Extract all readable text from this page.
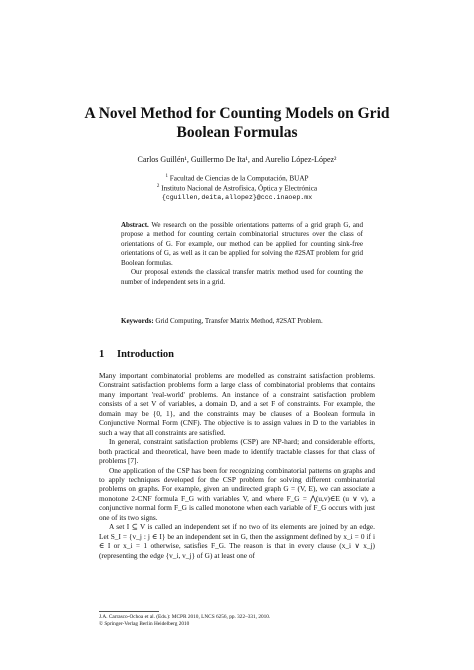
A Novel Method for Counting Models on Grid Boolean Formulas
Carlos Guillén¹, Guillermo De Ita¹, and Aurelio López-López²
$^1$ Facultad de Ciencias de la Computación, BUAP
$^2$ Instituto Nacional de Astrofísica, Óptica y Electrónica
{cguillen,deita,allopez}@ccc.inaoep.mx

Abstract. We research on the possible orientations patterns of a grid graph G, and propose a method for counting certain combinatorial structures over the class of orientations of G. For example, our method can be applied for counting sink-free orientations of G, as well as it can be applied for solving the #2SAT problem for grid Boolean formulas.

Our proposal extends the classical transfer matrix method used for counting the number of independent sets in a grid.

Keywords: Grid Computing, Transfer Matrix Method, #2SAT Problem.
1 Introduction

Many important combinatorial problems are modelled as constraint satisfaction problems. Constraint satisfaction problems form a large class of combinatorial problems that contains many important 'real-world' problems. An instance of a constraint satisfaction problem consists of a set V of variables, a domain D, and a set F of constraints. For example, the domain may be {0, 1}, and the constraints may be clauses of a Boolean formula in Conjunctive Normal Form (CNF). The objective is to assign values in D to the variables in such a way that all constraints are satisfied.

In general, constraint satisfaction problems (CSP) are NP-hard; and considerable efforts, both practical and theoretical, have been made to identify tractable classes for that class of problems [7].

One application of the CSP has been for recognizing combinatorial patterns on graphs and to apply techniques developed for the CSP problem for solving different combinatorial problems on graphs. For example, given an undirected graph G = (V, E), we can associate a monotone 2-CNF formula F_G with variables V, and where F_G = ⋀(u,v)∈E (u ∨ v), a conjunctive normal form F_G is called monotone when each variable of F_G occurs with just one of its two signs.

A set I ⊆ V is called an independent set if no two of its elements are joined by an edge. Let S_I = {v_j : j ∈ I} be an independent set in G, then the assignment defined by x_i = 0 if i ∈ I or x_i = 1 otherwise, satisfies F_G. The reason is that in every clause (x_i ∨ x_j) (representing the edge {v_i, v_j} of G) at least one of

J.A. Carrasco-Ochoa et al. (Eds.): MCPR 2010, LNCS 6256, pp. 322–331, 2010.
© Springer-Verlag Berlin Heidelberg 2010
